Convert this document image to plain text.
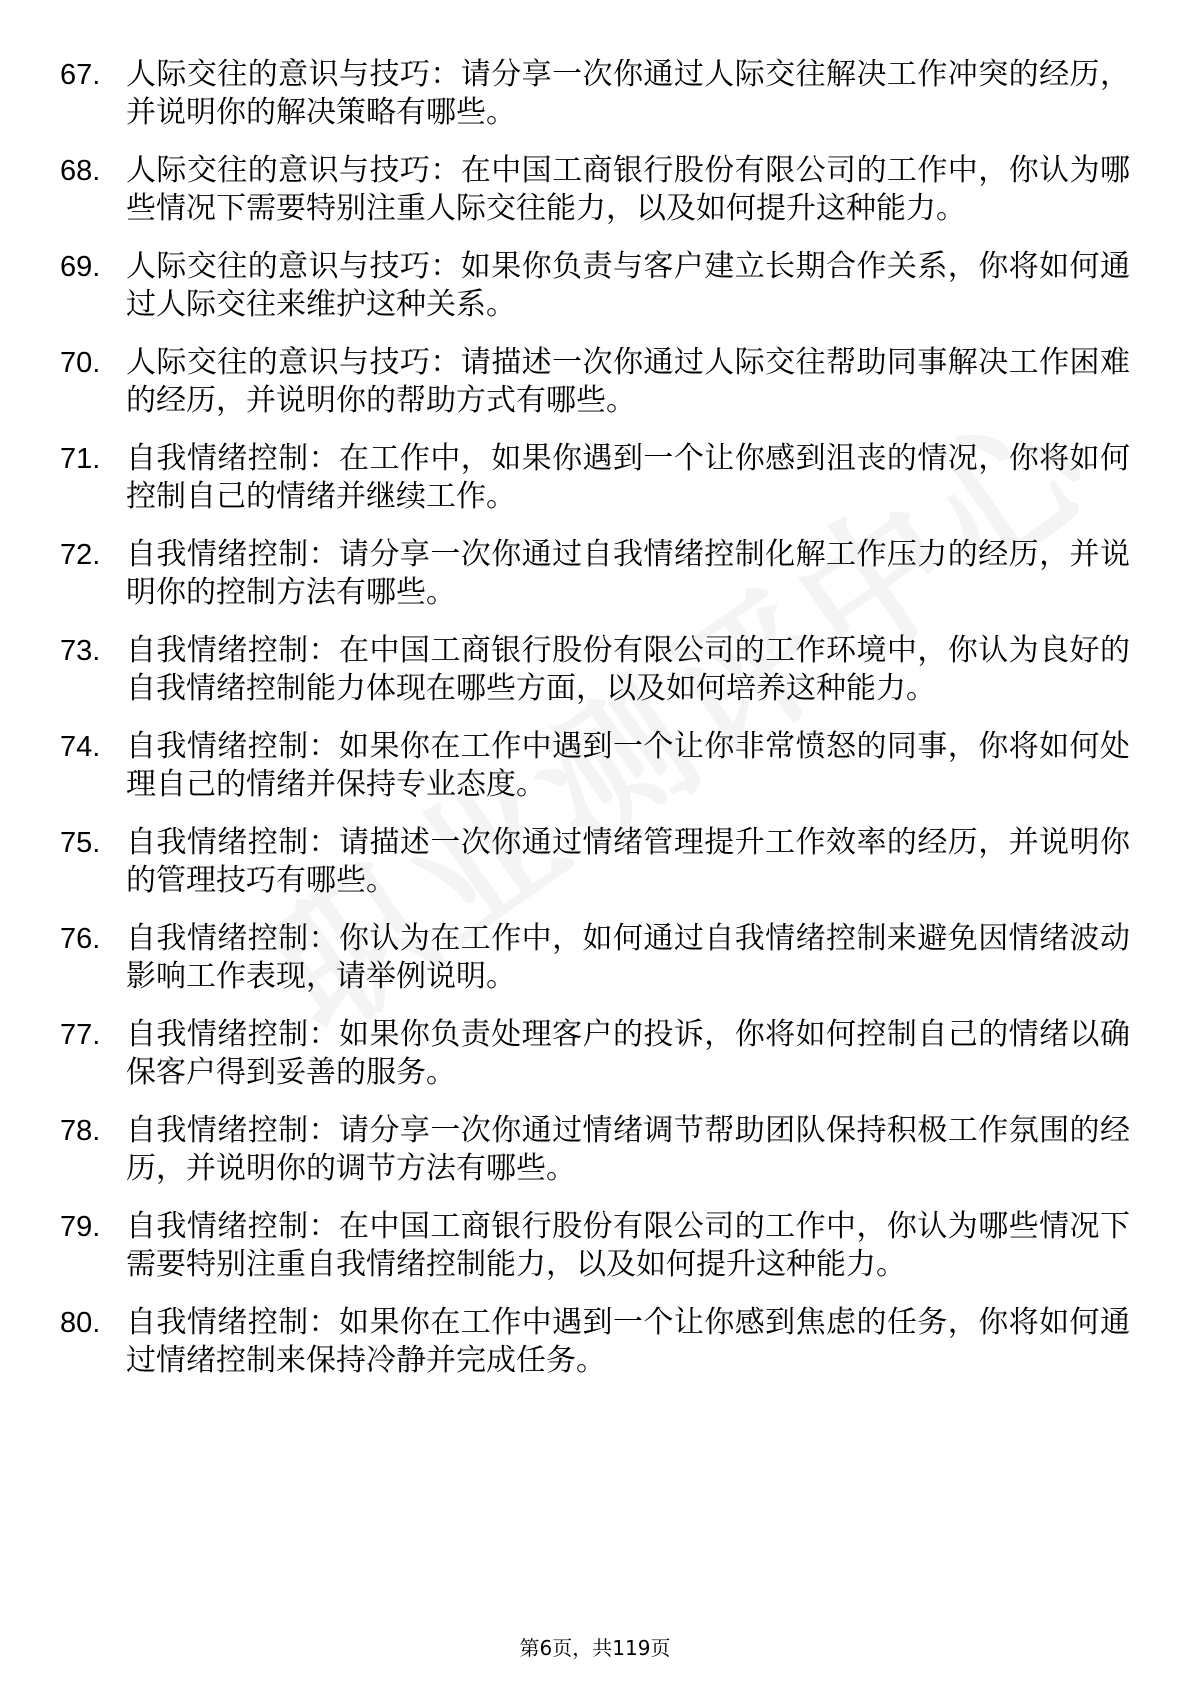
67. 人际交往的意识与技巧：请分享一次你通过人际交往解决工作冲突的经历，并说明你的解决策略有哪些。
68. 人际交往的意识与技巧：在中国工商银行股份有限公司的工作中，你认为哪些情况下需要特别注重人际交往能力，以及如何提升这种能力。
69. 人际交往的意识与技巧：如果你负责与客户建立长期合作关系，你将如何通过人际交往来维护这种关系。
70. 人际交往的意识与技巧：请描述一次你通过人际交往帮助同事解决工作困难的经历，并说明你的帮助方式有哪些。
71. 自我情绪控制：在工作中，如果你遇到一个让你感到沮丧的情况，你将如何控制自己的情绪并继续工作。
72. 自我情绪控制：请分享一次你通过自我情绪控制化解工作压力的经历，并说明你的控制方法有哪些。
73. 自我情绪控制：在中国工商银行股份有限公司的工作环境中，你认为良好的自我情绪控制能力体现在哪些方面，以及如何培养这种能力。
74. 自我情绪控制：如果你在工作中遇到一个让你非常愤怒的同事，你将如何处理自己的情绪并保持专业态度。
75. 自我情绪控制：请描述一次你通过情绪管理提升工作效率的经历，并说明你的管理技巧有哪些。
76. 自我情绪控制：你认为在工作中，如何通过自我情绪控制来避免因情绪波动影响工作表现，请举例说明。
77. 自我情绪控制：如果你负责处理客户的投诉，你将如何控制自己的情绪以确保客户得到妥善的服务。
78. 自我情绪控制：请分享一次你通过情绪调节帮助团队保持积极工作氛围的经历，并说明你的调节方法有哪些。
79. 自我情绪控制：在中国工商银行股份有限公司的工作中，你认为哪些情况下需要特别注重自我情绪控制能力，以及如何提升这种能力。
80. 自我情绪控制：如果你在工作中遇到一个让你感到焦虑的任务，你将如何通过情绪控制来保持冷静并完成任务。
第6页，共119页
